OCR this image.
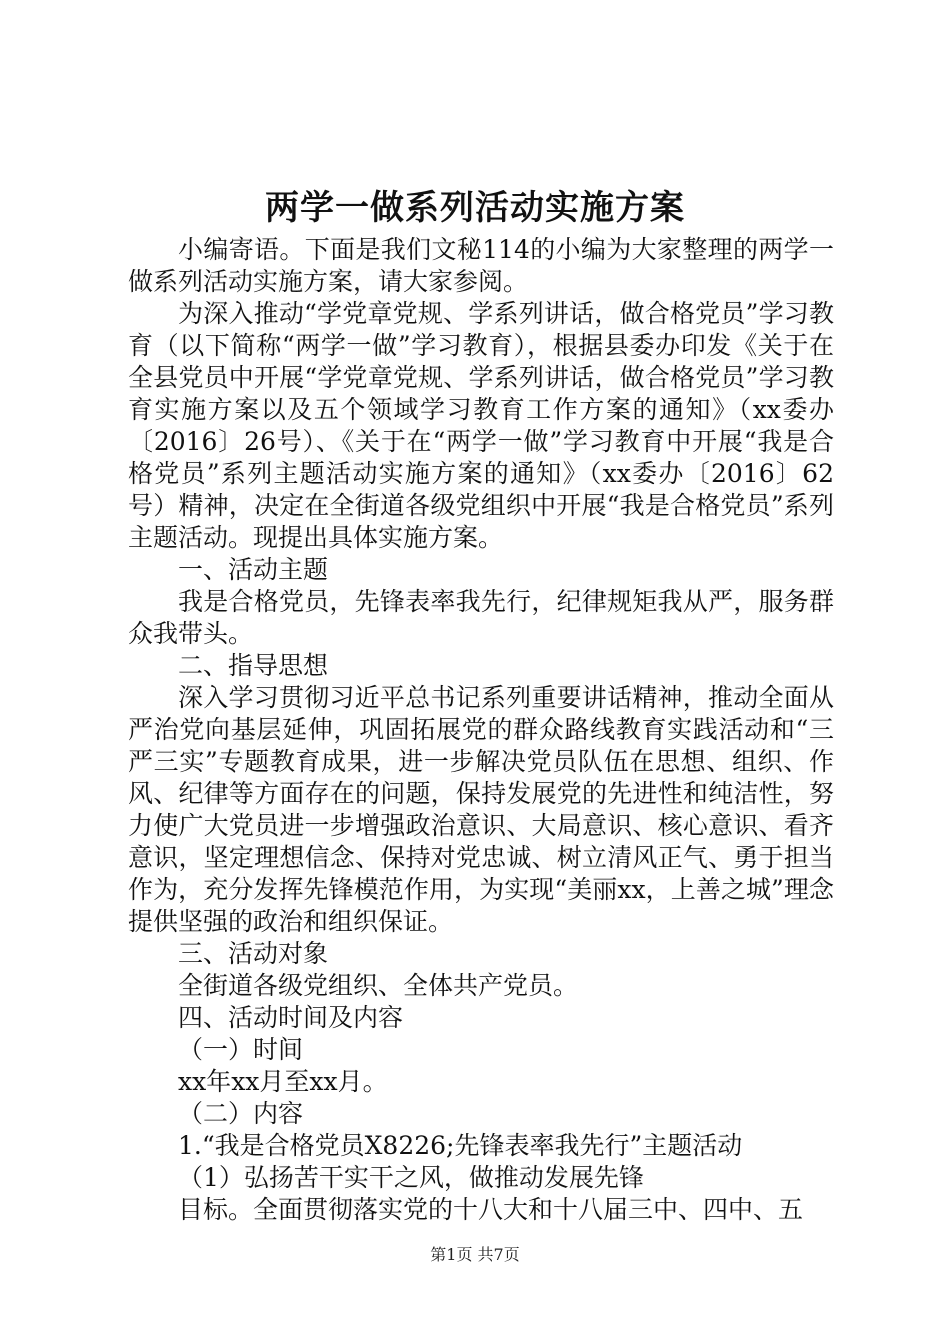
两学一做系列活动实施方案

小编寄语。下面是我们文秘114的小编为大家整理的两学一做系列活动实施方案，请大家参阅。

为深入推动“学党章党规、学系列讲话，做合格党员”学习教育（以下简称“两学一做”学习教育），根据县委办印发《关于在全县党员中开展“学党章党规、学系列讲话，做合格党员”学习教育实施方案以及五个领域学习教育工作方案的通知》（xx委办〔2016〕26号）、《关于在“两学一做”学习教育中开展“我是合格党员”系列主题活动实施方案的通知》（xx委办〔2016〕62号）精神，决定在全街道各级党组织中开展“我是合格党员”系列主题活动。现提出具体实施方案。

一、活动主题

我是合格党员，先锋表率我先行，纪律规矩我从严，服务群众我带头。

二、指导思想

深入学习贯彻习近平总书记系列重要讲话精神，推动全面从严治党向基层延伸，巩固拓展党的群众路线教育实践活动和“三严三实”专题教育成果，进一步解决党员队伍在思想、组织、作风、纪律等方面存在的问题，保持发展党的先进性和纯洁性，努力使广大党员进一步增强政治意识、大局意识、核心意识、看齐意识，坚定理想信念、保持对党忠诚、树立清风正气、勇于担当作为，充分发挥先锋模范作用，为实现“美丽xx，上善之城”理念提供坚强的政治和组织保证。

三、活动对象

全街道各级党组织、全体共产党员。

四、活动时间及内容

（一）时间

xx年xx月至xx月。

（二）内容

1.“我是合格党员X8226;先锋表率我先行”主题活动

（1）弘扬苦干实干之风，做推动发展先锋

目标。全面贯彻落实党的十八大和十八届三中、四中、五

第1页 共7页
